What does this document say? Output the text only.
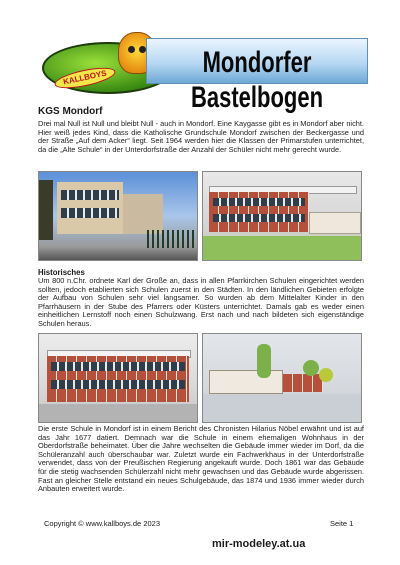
KALLBOYS	Mondorfer Bastelbogen
KGS Mondorf
Drei mal Null ist Null und bleibt Null - auch in Mondorf. Eine Kaygasse gibt es in Mondorf aber nicht. Hier weiß jedes Kind, dass die Katholische Grundschule Mondorf zwischen der Beckergasse und der Straße „Auf dem Acker“ liegt. Seit 1964 werden hier die Klassen der Primarstufen unterrichtet, da die „Alte Schule“ in der Unterdorfstraße der Anzahl der Schüler nicht mehr gerecht wurde.
Historisches
Um 800 n.Chr. ordnete Karl der Große an, dass in allen Pfarrkirchen Schulen eingerichtet werden sollten, jedoch etablierten sich Schulen zuerst in den Städten. In den ländlichen Gebieten erfolgte der Aufbau von Schulen sehr viel langsamer. So wurden ab dem Mittelalter Kinder in den Pfarrhäusern in der Stube des Pfarrers oder Küsters unterrichtet. Damals gab es weder einen einheitlichen Lernstoff noch einen Schulzwang. Erst nach und nach bildeten sich eigenständige Schulen heraus.
Die erste Schule in Mondorf ist in einem Bericht des Chronisten Hilarius Nöbel erwähnt und ist auf das Jahr 1677 datiert. Demnach war die Schule in einem ehemaligen Wohnhaus in der Oberdorfstraße beheimatet. Über die Jahre wechselten die Gebäude immer wieder im Dorf, da die Schüleranzahl auch überschaubar war. Zuletzt wurde ein Fachwerkhaus in der Unterdorfstraße verwendet, dass von der Preußischen Regierung angekauft wurde. Doch 1861 war das Gebäude für die stetig wachsenden Schülerzahl nicht mehr gewachsen und das Gebäude wurde abgerissen. Fast an gleicher Stelle entstand ein neues Schulgebäude, das 1874 und 1936 immer wieder durch Anbauten erweitert wurde.
Copyright © www.kallboys.de 2023	Seite 1
mir-modeley.at.ua
